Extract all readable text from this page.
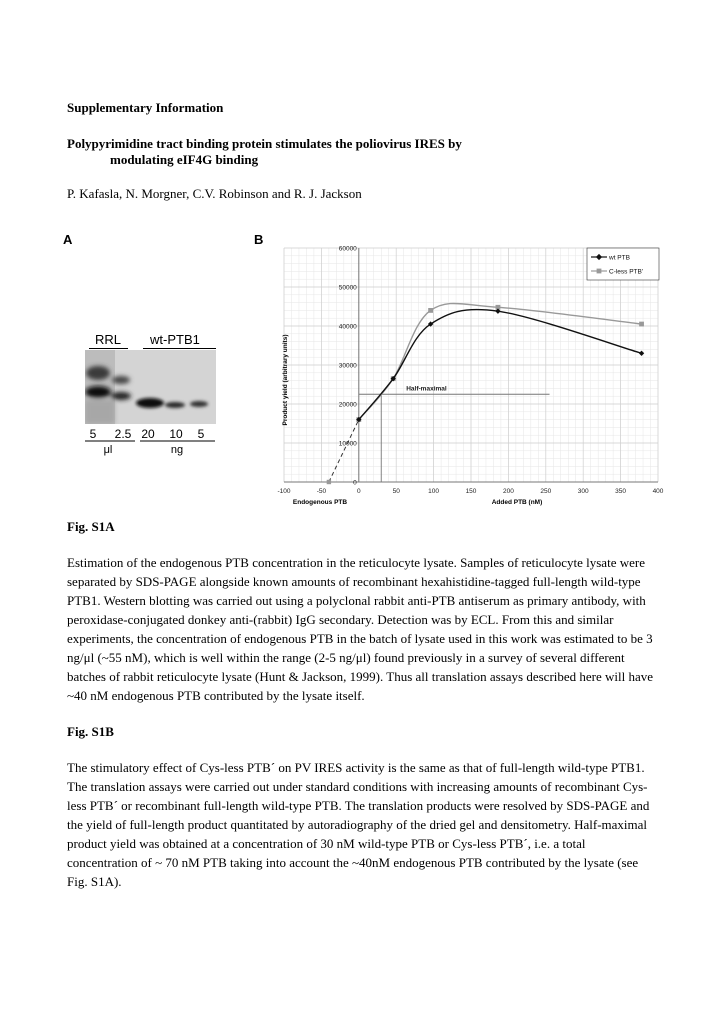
Supplementary Information
Polypyrimidine tract binding protein stimulates the poliovirus IRES by
modulating eIF4G binding
P. Kafasla, N. Morgner, C.V. Robinson and R. J. Jackson
A
RRL wt-PTB1
5 2.5 20 10 5
μl	ng
B
Product yield (arbitrary units)
Endogenous PTB	Added PTB (nM)
-100	-50	0	50	100	150	200	250	300	350	400
0
10000
20000
30000
40000
50000
60000
Half-maximal
wt PTB
C-less PTB'
Fig. S1A
Estimation of the endogenous PTB concentration in the reticulocyte lysate. Samples of reticulocyte lysate were separated by SDS-PAGE alongside known amounts of recombinant hexahistidine-tagged full-length wild-type PTB1. Western blotting was carried out using a polyclonal rabbit anti-PTB antiserum as primary antibody, with peroxidase-conjugated donkey anti-(rabbit) IgG secondary. Detection was by ECL. From this and similar experiments, the concentration of endogenous PTB in the batch of lysate used in this work was estimated to be 3 ng/μl (~55 nM), which is well within the range (2-5 ng/μl) found previously in a survey of several different batches of rabbit reticulocyte lysate (Hunt & Jackson, 1999). Thus all translation assays described here will have ~40 nM endogenous PTB contributed by the lysate itself.
Fig. S1B
The stimulatory effect of Cys-less PTB´ on PV IRES activity is the same as that of full-length wild-type PTB1. The translation assays were carried out under standard conditions with increasing amounts of recombinant Cys-less PTB´ or recombinant full-length wild-type PTB. The translation products were resolved by SDS-PAGE and the yield of full-length product quantitated by autoradiography of the dried gel and densitometry. Half-maximal product yield was obtained at a concentration of 30 nM wild-type PTB or Cys-less PTB´, i.e. a total concentration of ~ 70 nM PTB taking into account the ~40nM endogenous PTB contributed by the lysate (see Fig. S1A).
